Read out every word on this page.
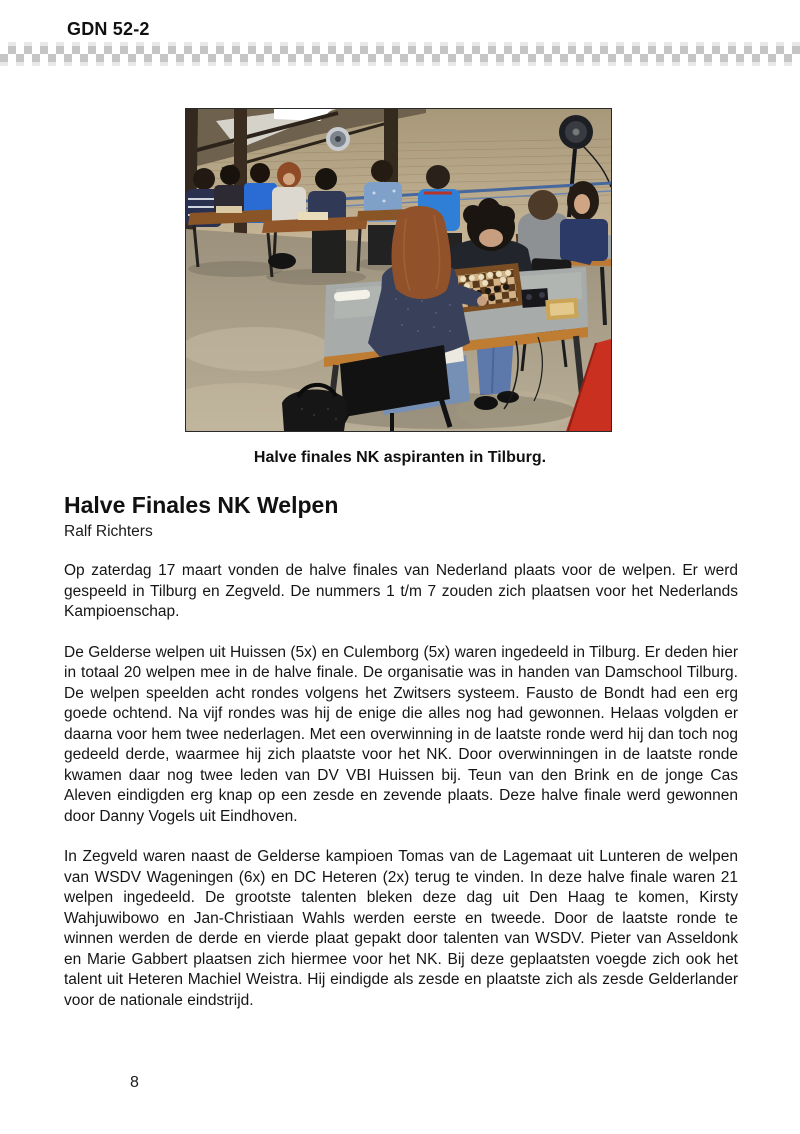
GDN 52-2
Halve finales NK aspiranten in Tilburg.
Halve Finales NK Welpen
Ralf Richters

Op zaterdag 17 maart vonden de halve finales van Nederland plaats voor de welpen. Er werd gespeeld in Tilburg en Zegveld. De nummers 1 t/m 7 zouden zich plaatsen voor het Nederlands Kampioenschap.

De Gelderse welpen uit Huissen (5x) en Culemborg (5x) waren ingedeeld in Tilburg. Er deden hier in totaal 20 welpen mee in de halve finale. De organisatie was in handen van Damschool Tilburg. De welpen speelden acht rondes volgens het Zwitsers systeem. Fausto de Bondt had een erg goede ochtend. Na vijf rondes was hij de enige die alles nog had gewonnen. Helaas volgden er daarna voor hem twee nederlagen. Met een overwinning in de laatste ronde werd hij dan toch nog gedeeld derde, waarmee hij zich plaatste voor het NK. Door overwinningen in de laatste ronde kwamen daar nog twee leden van DV VBI Huissen bij. Teun van den Brink en de jonge Cas Aleven eindigden erg knap op een zesde en zevende plaats. Deze halve finale werd gewonnen door Danny Vogels uit Eindhoven.

In Zegveld waren naast de Gelderse kampioen Tomas van de Lagemaat uit Lunteren de welpen van WSDV Wageningen (6x) en DC Heteren (2x) terug te vinden. In deze halve finale waren 21 welpen ingedeeld. De grootste talenten bleken deze dag uit Den Haag te komen, Kirsty Wahjuwibowo en Jan-Christiaan Wahls werden eerste en tweede. Door de laatste ronde te winnen werden de derde en vierde plaat gepakt door talenten van WSDV. Pieter van Asseldonk en Marie Gabbert plaatsen zich hiermee voor het NK. Bij deze geplaatsten voegde zich ook het talent uit Heteren Machiel Weistra. Hij eindigde als zesde en plaatste zich als zesde Gelderlander voor de nationale eindstrijd.

8
